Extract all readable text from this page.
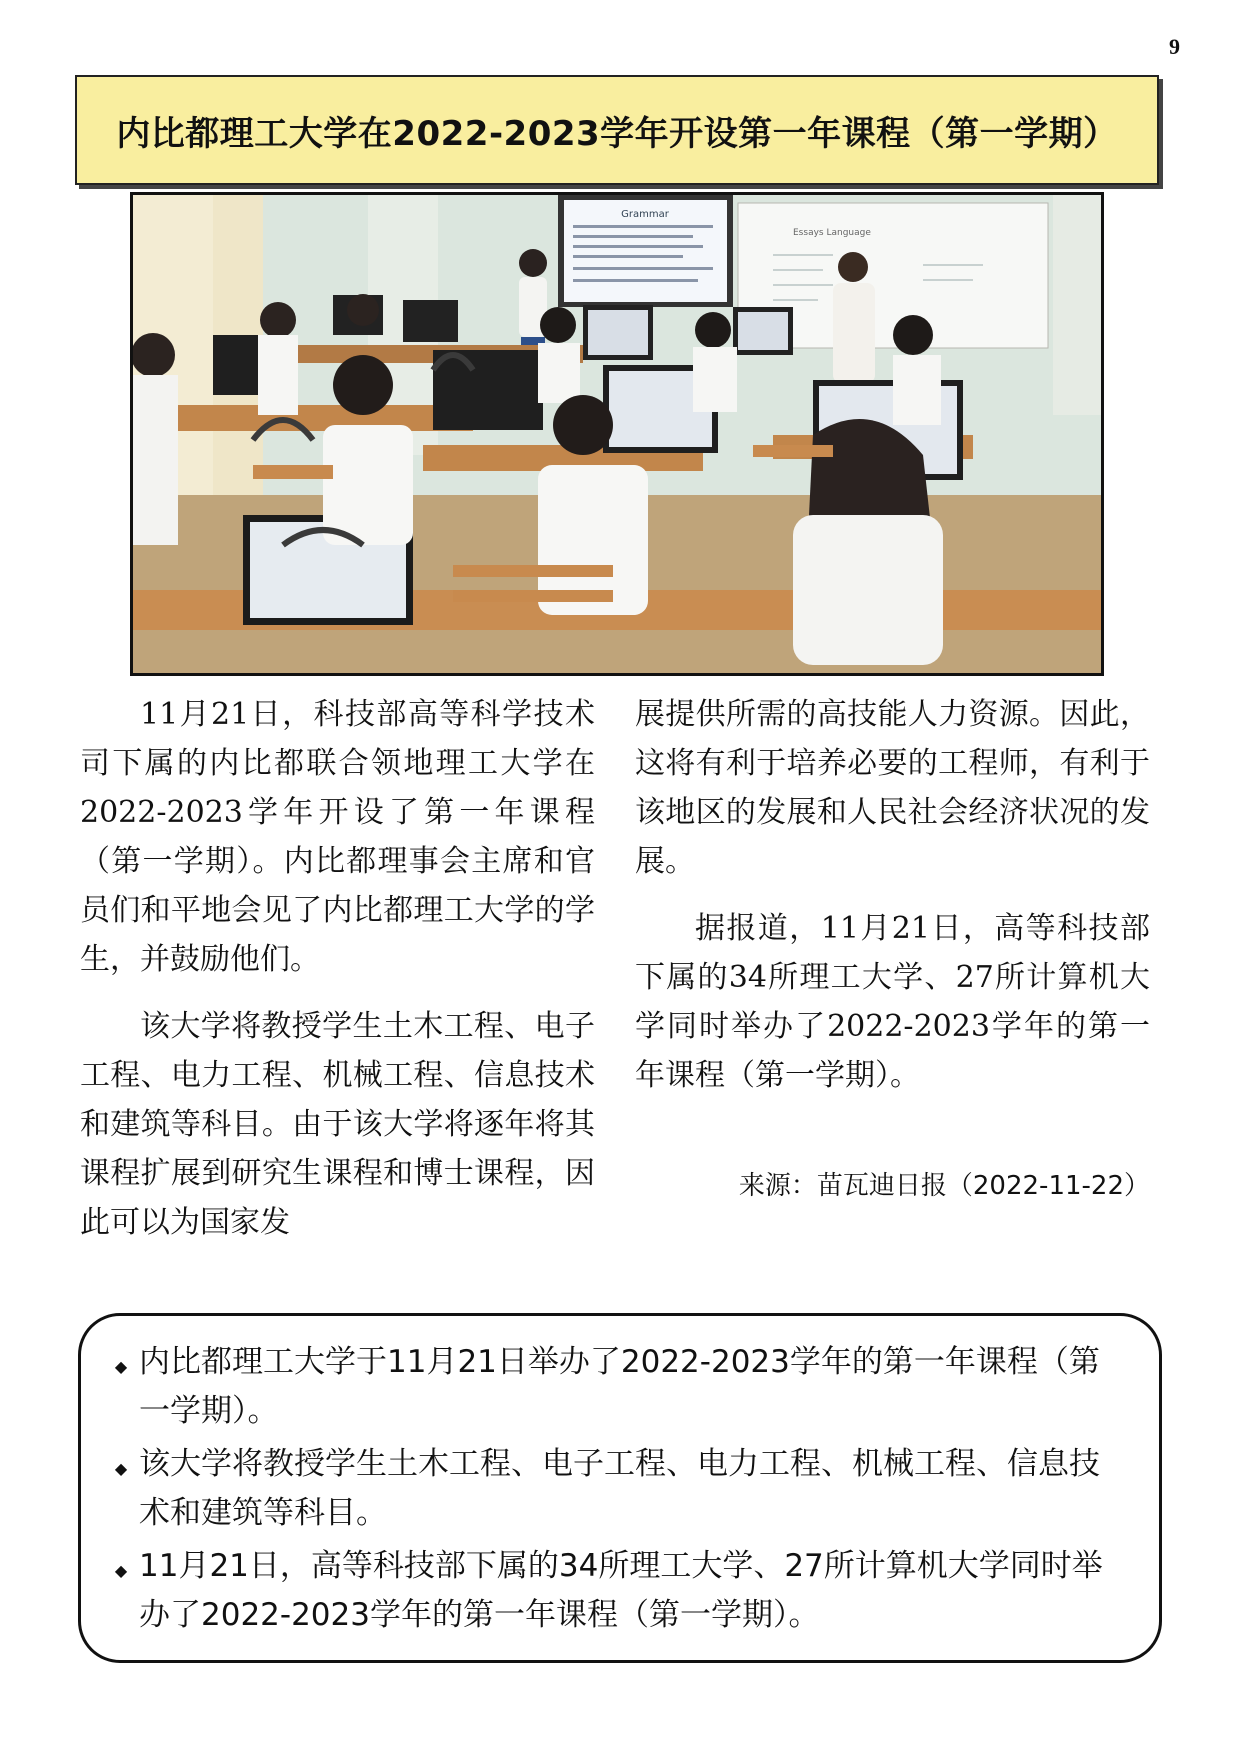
9
内比都理工大学在2022-2023学年开设第一年课程（第一学期）
Grammar
Essays Language

11月21日，科技部高等科学技术司下属的内比都联合领地理工大学在2022-2023学年开设了第一年课程（第一学期）。内比都理事会主席和官员们和平地会见了内比都理工大学的学生，并鼓励他们。

该大学将教授学生土木工程、电子工程、电力工程、机械工程、信息技术和建筑等科目。由于该大学将逐年将其课程扩展到研究生课程和博士课程，因此可以为国家发

展提供所需的高技能人力资源。因此，这将有利于培养必要的工程师，有利于该地区的发展和人民社会经济状况的发展。

据报道，11月21日，高等科技部下属的34所理工大学、27所计算机大学同时举办了2022-2023学年的第一年课程（第一学期）。

来源：苗瓦迪日报（2022-11-22）
◆ 内比都理工大学于11月21日举办了2022-2023学年的第一年课程（第一学期）。
◆ 该大学将教授学生土木工程、电子工程、电力工程、机械工程、信息技术和建筑等科目。
◆ 11月21日，高等科技部下属的34所理工大学、27所计算机大学同时举办了2022-2023学年的第一年课程（第一学期）。
